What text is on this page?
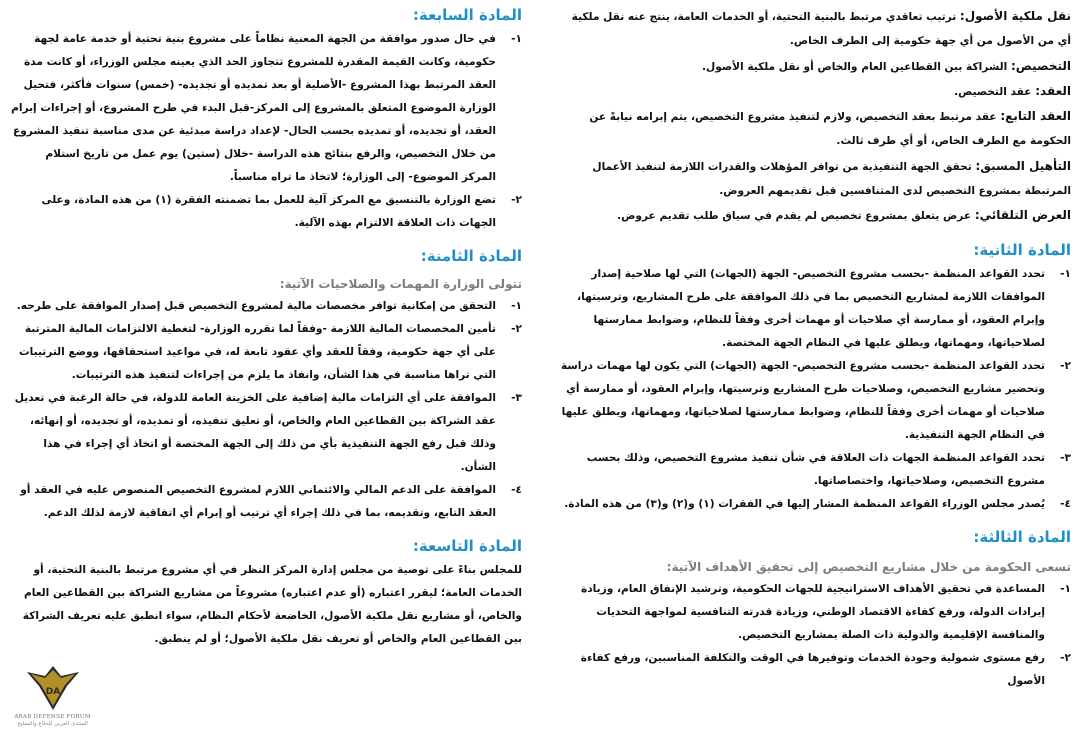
نقل ملكية الأصول: ترتيب تعاقدي مرتبط بالبنية التحتية، أو الخدمات العامة، ينتج عنه نقل ملكية أي من الأصول من أي جهة حكومية إلى الطرف الخاص.

التخصيص: الشراكة بين القطاعين العام والخاص أو نقل ملكية الأصول.

العقد: عقد التخصيص.

العقد التابع: عقد مرتبط بعقد التخصيص، ولازم لتنفيذ مشروع التخصيص، يتم إبرامه نيابةً عن الحكومة مع الطرف الخاص، أو أي طرف ثالث.

التأهيل المسبق: تحقق الجهة التنفيذية من توافر المؤهلات والقدرات اللازمة لتنفيذ الأعمال المرتبطة بمشروع التخصيص لدى المتنافسين قبل تقديمهم العروض.

العرض التلقائي: عرض يتعلق بمشروع تخصيص لم يقدم في سياق طلب تقديم عروض.

المادة الثانية:

١-
تحدد القواعد المنظمة -بحسب مشروع التخصيص- الجهة (الجهات) التي لها صلاحية إصدار الموافقات اللازمة لمشاريع التخصيص بما في ذلك الموافقة على طرح المشاريع، وترسيتها، وإبرام العقود، أو ممارسة أي صلاحيات أو مهمات أخرى وفقاً للنظام، وضوابط ممارستها لصلاحياتها، ومهماتها، ويطلق عليها في النظام الجهة المختصة.

٢-
تحدد القواعد المنظمة -بحسب مشروع التخصيص- الجهة (الجهات) التي يكون لها مهمات دراسة وتحضير مشاريع التخصيص، وصلاحيات طرح المشاريع وترسيتها، وإبرام العقود، أو ممارسة أي صلاحيات أو مهمات أخرى وفقاً للنظام، وضوابط ممارستها لصلاحياتها، ومهماتها، ويطلق عليها في النظام الجهة التنفيذية.

٣-
تحدد القواعد المنظمة الجهات ذات العلاقة في شأن تنفيذ مشروع التخصيص، وذلك بحسب مشروع التخصيص، وصلاحياتها، واختصاصاتها.

٤-
يُصدر مجلس الوزراء القواعد المنظمة المشار إليها في الفقرات (١) و(٢) و(٣) من هذه المادة.

المادة الثالثة:
تسعى الحكومة من خلال مشاريع التخصيص إلى تحقيق الأهداف الآتية:

١-
المساعدة في تحقيق الأهداف الاستراتيجية للجهات الحكومية، وترشيد الإنفاق العام، وزيادة إيرادات الدولة، ورفع كفاءة الاقتصاد الوطني، وزيادة قدرته التنافسية لمواجهة التحديات والمنافسة الإقليمية والدولية ذات الصلة بمشاريع التخصيص.

٢-
رفع مستوى شمولية وجودة الخدمات وتوفيرها في الوقت والتكلفة المناسبين، ورفع كفاءة الأصول

المادة السابعة:

١-
في حال صدور موافقة من الجهة المعنية نظاماً على مشروع بنية تحتية أو خدمة عامة لجهة حكومية، وكانت القيمة المقدرة للمشروع تتجاوز الحد الذي يعينه مجلس الوزراء، أو كانت مدة العقد المرتبط بهذا المشروع -الأصلية أو بعد تمديده أو تجديده- (خمس) سنوات فأكثر، فتحيل الوزارة الموضوع المتعلق بالمشروع إلى المركز-قبل البدء في طرح المشروع، أو إجراءات إبرام العقد، أو تجديده، أو تمديده بحسب الحال- لإعداد دراسة مبدئية عن مدى مناسبة تنفيذ المشروع من خلال التخصيص، والرفع بنتائج هذه الدراسة -خلال (ستين) يوم عمل من تاريخ استلام المركز الموضوع- إلى الوزارة؛ لاتخاذ ما تراه مناسباً.

٢-
تضع الوزارة بالتنسيق مع المركز آلية للعمل بما تضمنته الفقرة (١) من هذه المادة، وعلى الجهات ذات العلاقة الالتزام بهذه الآلية.

المادة الثامنة:
تتولى الوزارة المهمات والصلاحيات الآتية:

١-
التحقق من إمكانية توافر مخصصات مالية لمشروع التخصيص قبل إصدار الموافقة على طرحه.

٢-
تأمين المخصصات المالية اللازمة -وفقاً لما تقرره الوزارة- لتغطية الالتزامات المالية المترتبة على أي جهة حكومية، وفقاً للعقد وأي عقود تابعة له، في مواعيد استحقاقها، ووضع الترتيبات التي تراها مناسبة في هذا الشأن، وانفاذ ما يلزم من إجراءات لتنفيذ هذه الترتيبات.

٣-
الموافقة على أي التزامات مالية إضافية على الخزينة العامة للدولة، في حالة الرغبة في تعديل عقد الشراكة بين القطاعين العام والخاص، أو تعليق تنفيذه، أو تمديده، أو تجديده، أو إنهائه، وذلك قبل رفع الجهة التنفيذية بأي من ذلك إلى الجهة المختصة أو اتخاذ أي إجراء في هذا الشأن.

٤-
الموافقة على الدعم المالي والائتماني اللازم لمشروع التخصيص المنصوص عليه في العقد أو العقد التابع، وتقديمه، بما في ذلك إجراء أي ترتيب أو إبرام أي اتفاقية لازمة لذلك الدعم.

المادة التاسعة:

للمجلس بناءً على توصية من مجلس إدارة المركز النظر في أي مشروع مرتبط بالبنية التحتية، أو الخدمات العامة؛ ليقرر اعتباره (أو عدم اعتباره) مشروعاً من مشاريع الشراكة بين القطاعين العام والخاص، أو مشاريع نقل ملكية الأصول، الخاضعة لأحكام النظام، سواء انطبق عليه تعريف الشراكة بين القطاعين العام والخاص أو تعريف نقل ملكية الأصول؛ أو لم ينطبق.

DA
ARAB DEFENSE FORUM
المنتدى العربي للدفاع والتسليح
